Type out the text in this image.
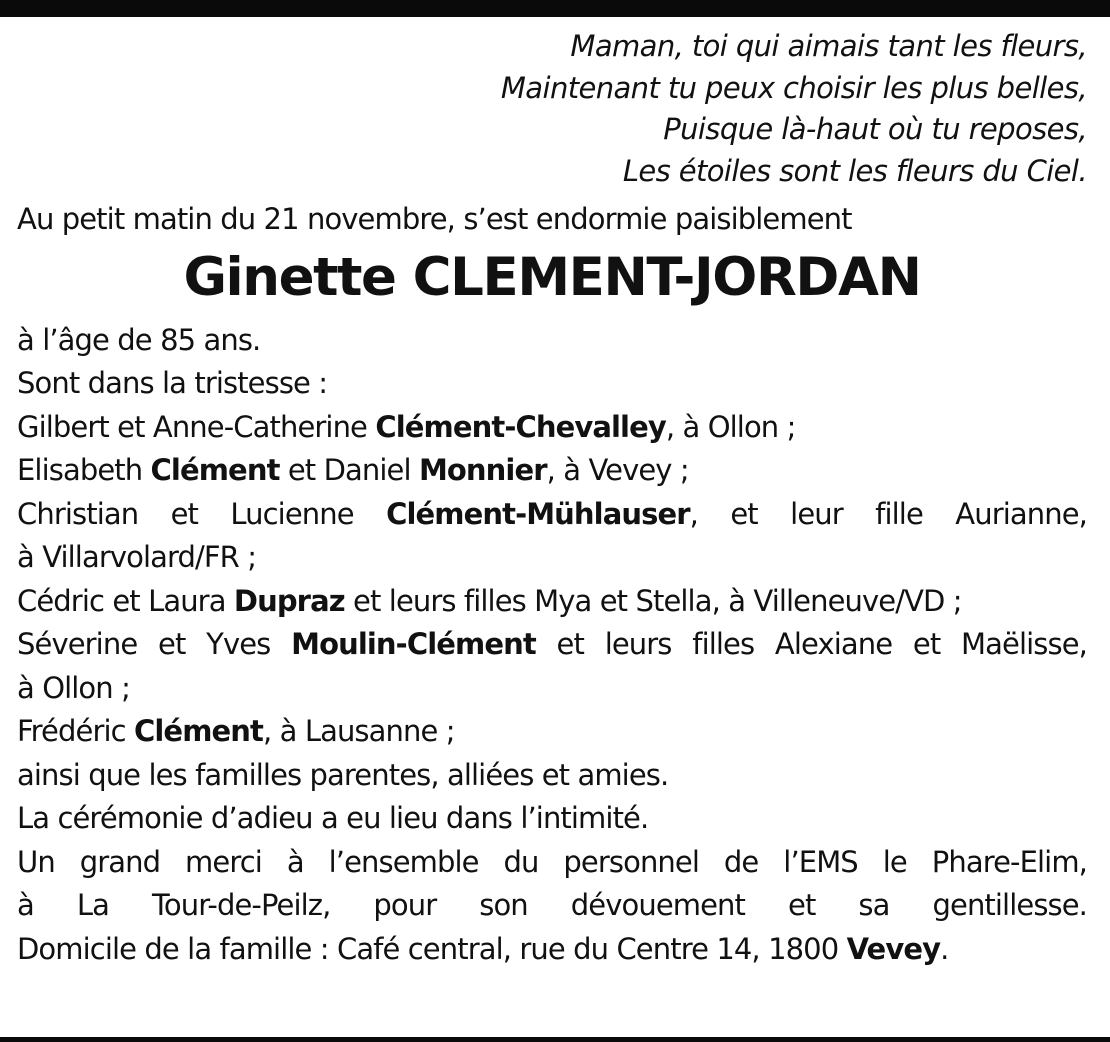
Maman, toi qui aimais tant les fleurs,
Maintenant tu peux choisir les plus belles,
Puisque là-haut où tu reposes,
Les étoiles sont les fleurs du Ciel.
Au petit matin du 21 novembre, s’est endormie paisiblement
Ginette CLEMENT-JORDAN
à l’âge de 85 ans.
Sont dans la tristesse :
Gilbert et Anne-Catherine Clément-Chevalley, à Ollon ;
Elisabeth Clément et Daniel Monnier, à Vevey ;
Christian et Lucienne Clément-Mühlauser, et leur fille Aurianne,
à Villarvolard/FR ;
Cédric et Laura Dupraz et leurs filles Mya et Stella, à Villeneuve/VD ;
Séverine et Yves Moulin-Clément et leurs filles Alexiane et Maëlisse,
à Ollon ;
Frédéric Clément, à Lausanne ;
ainsi que les familles parentes, alliées et amies.
La cérémonie d’adieu a eu lieu dans l’intimité.
Un grand merci à l’ensemble du personnel de l’EMS le Phare-Elim,
à La Tour-de-Peilz, pour son dévouement et sa gentillesse.
Domicile de la famille : Café central, rue du Centre 14, 1800 Vevey.
